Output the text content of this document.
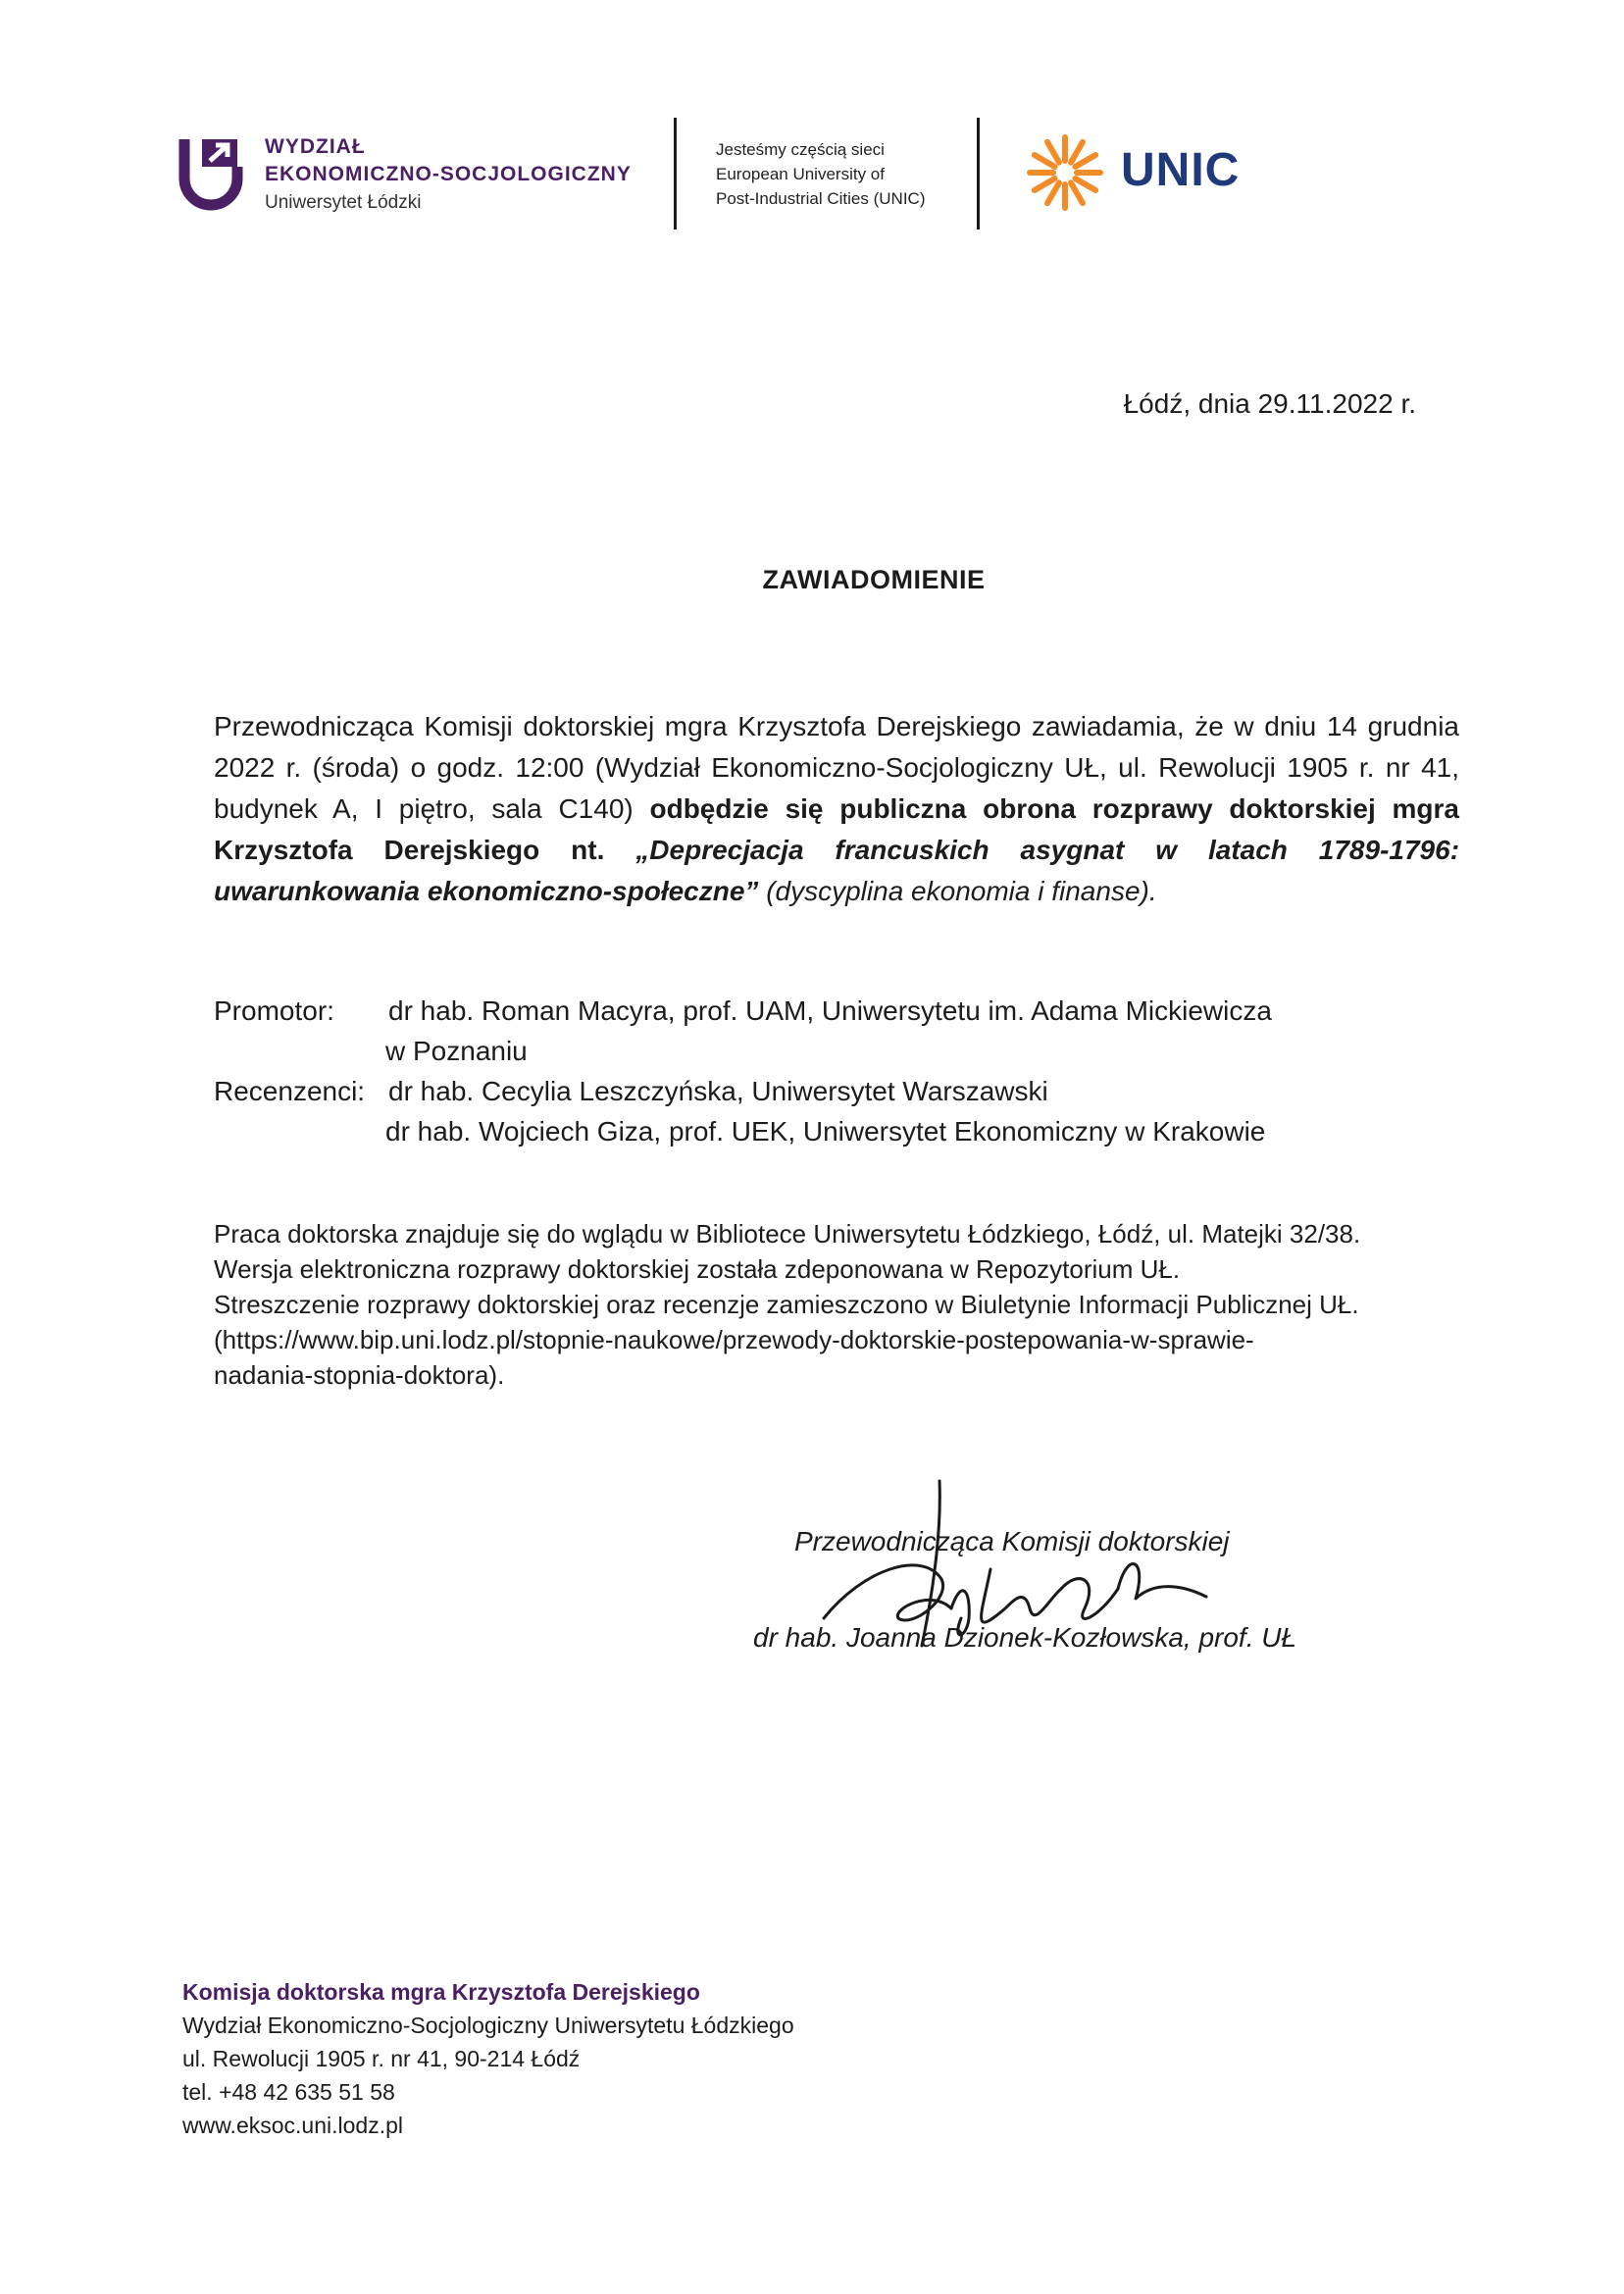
WYDZIAŁ
EKONOMICZNO-SOCJOLOGICZNY
Uniwersytet Łódzki
Jesteśmy częścią sieci
European University of
Post-Industrial Cities (UNIC)
UNIC
Łódź, dnia 29.11.2022 r.
ZAWIADOMIENIE
Przewodnicząca Komisji doktorskiej mgra Krzysztofa Derejskiego zawiadamia, że w dniu 14 grudnia 2022 r. (środa) o godz. 12:00 (Wydział Ekonomiczno-Socjologiczny UŁ, ul. Rewolucji 1905 r. nr 41, budynek A, I piętro, sala C140) odbędzie się publiczna obrona rozprawy doktorskiej mgra Krzysztofa Derejskiego nt. „Deprecjacja francuskich asygnat w latach 1789-1796: uwarunkowania ekonomiczno-społeczne” (dyscyplina ekonomia i finanse).
Promotor: dr hab. Roman Macyra, prof. UAM, Uniwersytetu im. Adama Mickiewicza
w Poznaniu
Recenzenci: dr hab. Cecylia Leszczyńska, Uniwersytet Warszawski
dr hab. Wojciech Giza, prof. UEK, Uniwersytet Ekonomiczny w Krakowie
Praca doktorska znajduje się do wglądu w Bibliotece Uniwersytetu Łódzkiego, Łódź, ul. Matejki 32/38.
Wersja elektroniczna rozprawy doktorskiej została zdeponowana w Repozytorium UŁ.
Streszczenie rozprawy doktorskiej oraz recenzje zamieszczono w Biuletynie Informacji Publicznej UŁ.
(https://www.bip.uni.lodz.pl/stopnie-naukowe/przewody-doktorskie-postepowania-w-sprawie-
nadania-stopnia-doktora).
Przewodnicząca Komisji doktorskiej
dr hab. Joanna Dzionek-Kozłowska, prof. UŁ
Komisja doktorska mgra Krzysztofa Derejskiego
Wydział Ekonomiczno-Socjologiczny Uniwersytetu Łódzkiego
ul. Rewolucji 1905 r. nr 41, 90-214 Łódź
tel. +48 42 635 51 58
www.eksoc.uni.lodz.pl
